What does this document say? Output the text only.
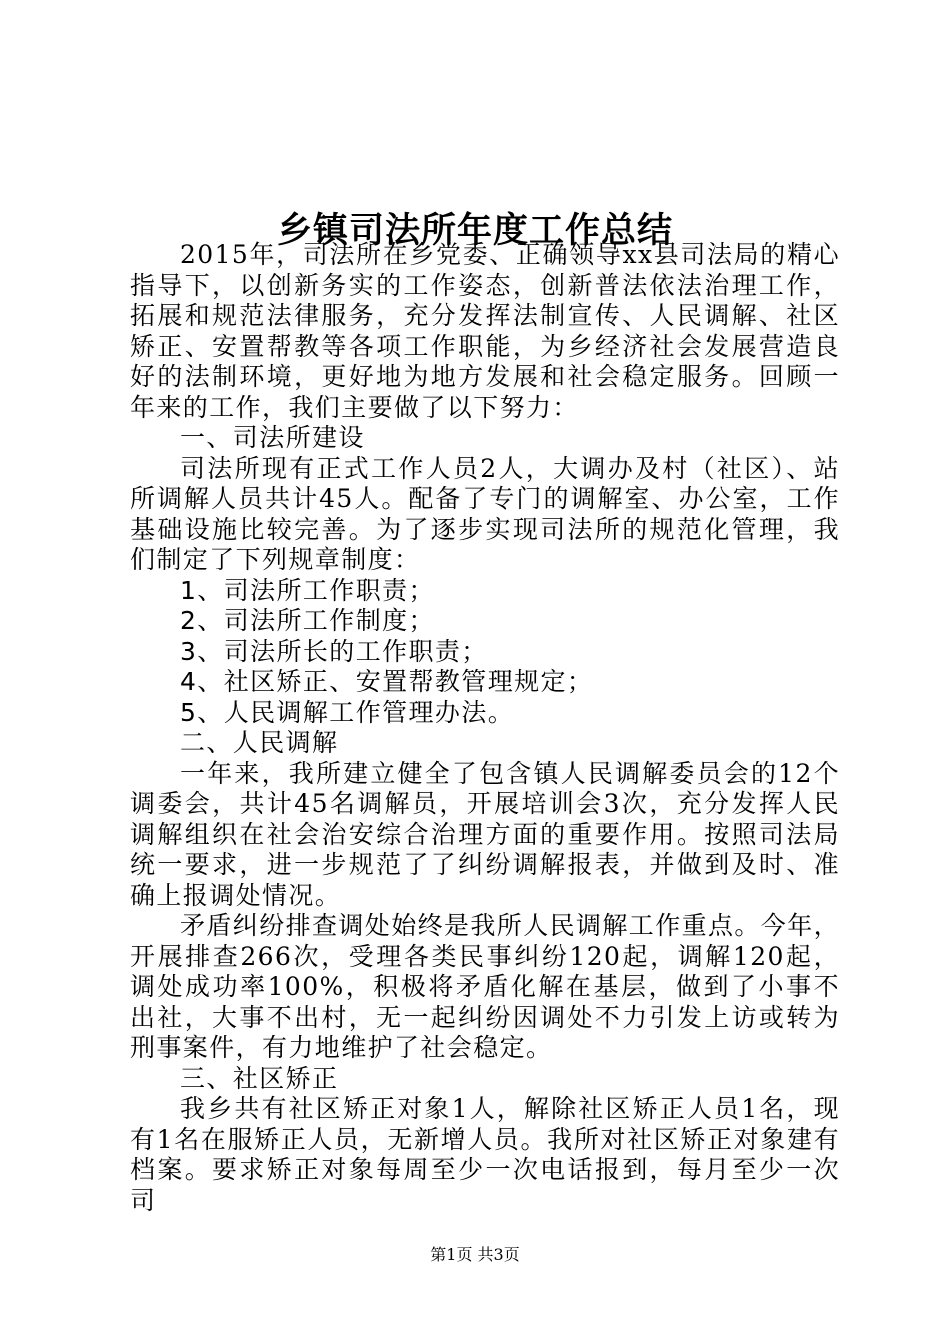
乡镇司法所年度工作总结

2015年，司法所在乡党委、正确领导xx县司法局的精心指导下，以创新务实的工作姿态，创新普法依法治理工作，拓展和规范法律服务，充分发挥法制宣传、人民调解、社区矫正、安置帮教等各项工作职能，为乡经济社会发展营造良好的法制环境，更好地为地方发展和社会稳定服务。回顾一年来的工作，我们主要做了以下努力：

一、司法所建设

司法所现有正式工作人员2人，大调办及村（社区）、站所调解人员共计45人。配备了专门的调解室、办公室，工作基础设施比较完善。为了逐步实现司法所的规范化管理，我们制定了下列规章制度：

1、司法所工作职责；

2、司法所工作制度；

3、司法所长的工作职责；

4、社区矫正、安置帮教管理规定；

5、人民调解工作管理办法。

二、人民调解

一年来，我所建立健全了包含镇人民调解委员会的12个调委会，共计45名调解员，开展培训会3次，充分发挥人民调解组织在社会治安综合治理方面的重要作用。按照司法局统一要求，进一步规范了了纠纷调解报表，并做到及时、准确上报调处情况。

矛盾纠纷排查调处始终是我所人民调解工作重点。今年，开展排查266次，受理各类民事纠纷120起，调解120起，调处成功率100%，积极将矛盾化解在基层，做到了小事不出社，大事不出村，无一起纠纷因调处不力引发上访或转为刑事案件，有力地维护了社会稳定。

三、社区矫正

我乡共有社区矫正对象1人，解除社区矫正人员1名，现有1名在服矫正人员，无新增人员。我所对社区矫正对象建有档案。要求矫正对象每周至少一次电话报到，每月至少一次司

第1页 共3页
